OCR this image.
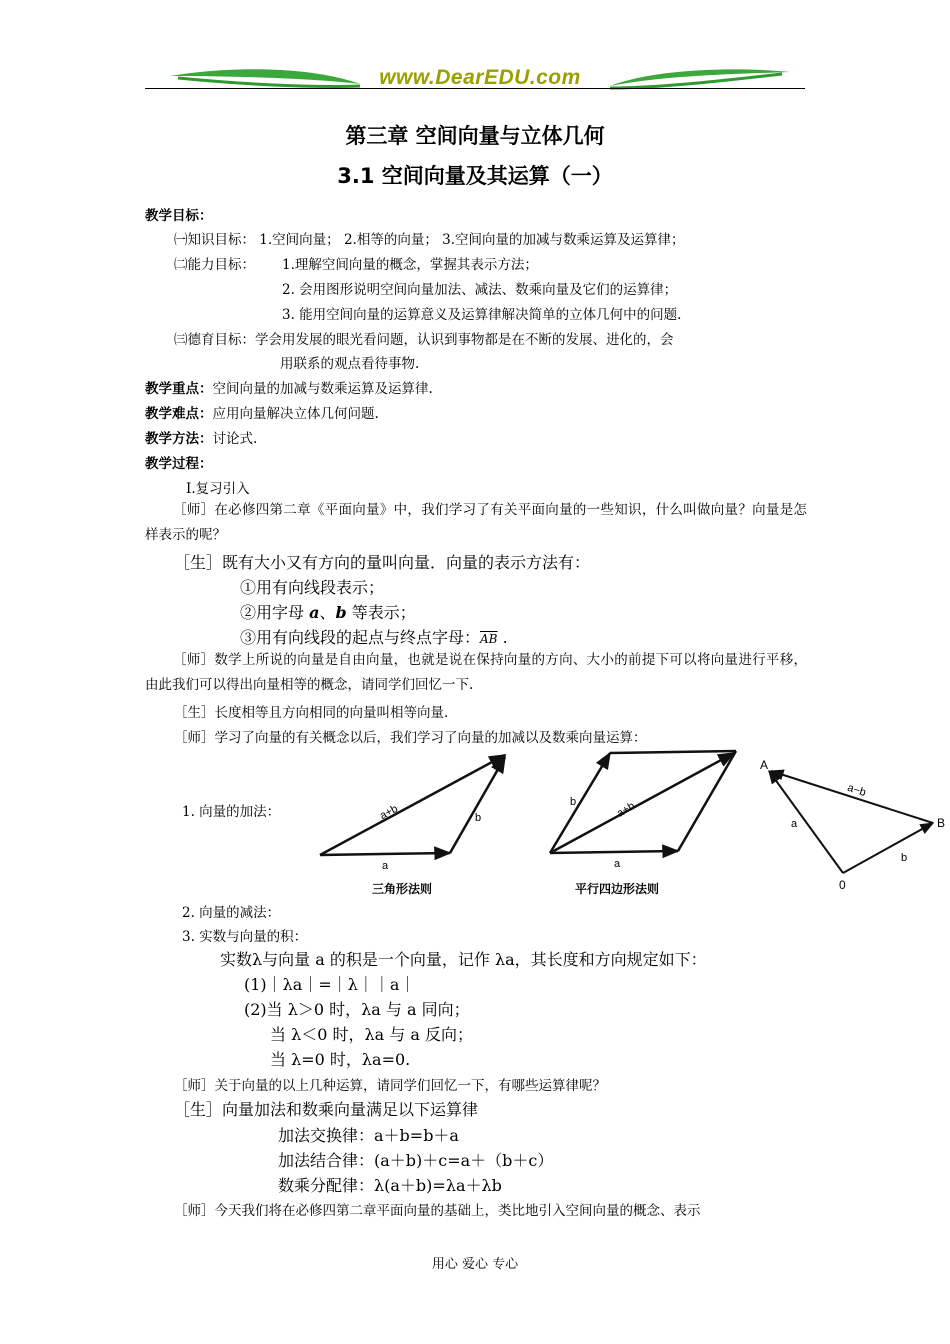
www.DearEDU.com
第三章 空间向量与立体几何
3.1 空间向量及其运算（一）
教学目标：
㈠知识目标： 1.空间向量； 2.相等的向量； 3.空间向量的加减与数乘运算及运算律；
㈡能力目标： 1.理解空间向量的概念，掌握其表示方法；
2. 会用图形说明空间向量加法、减法、数乘向量及它们的运算律；
3. 能用空间向量的运算意义及运算律解决简单的立体几何中的问题.
㈢德育目标：学会用发展的眼光看问题，认识到事物都是在不断的发展、进化的，会
用联系的观点看待事物.
教学重点：空间向量的加减与数乘运算及运算律.
教学难点：应用向量解决立体几何问题.
教学方法：讨论式.
教学过程：
Ⅰ.复习引入
［师］在必修四第二章《平面向量》中，我们学习了有关平面向量的一些知识，什么叫做向量？向量是怎样表示的呢？
［生］既有大小又有方向的量叫向量．向量的表示方法有：
①用有向线段表示；
②用字母 a、b 等表示；
③用有向线段的起点与终点字母：$\overline{AB}$ .
［师］数学上所说的向量是自由向量，也就是说在保持向量的方向、大小的前提下可以将向量进行平移，由此我们可以得出向量相等的概念，请同学们回忆一下.
［生］长度相等且方向相同的向量叫相等向量.
［师］学习了向量的有关概念以后，我们学习了向量的加减以及数乘向量运算：
1. 向量的加法：
a
b
a+b
三角形法则
a
b	a+b
平行四边形法则
A
B
0
a
b
a−b
2. 向量的减法：
3. 实数与向量的积：
实数λ与向量 a 的积是一个向量，记作 λa，其长度和方向规定如下：
(1)｜λa｜=｜λ｜｜a｜
(2)当 λ＞0 时，λa 与 a 同向；
当 λ＜0 时，λa 与 a 反向；
当 λ=0 时，λa=0.
［师］关于向量的以上几种运算，请同学们回忆一下，有哪些运算律呢？
［生］向量加法和数乘向量满足以下运算律
加法交换律：a＋b=b＋a
加法结合律：(a＋b)＋c=a＋（b＋c）
数乘分配律：λ(a＋b)=λa＋λb
［师］今天我们将在必修四第二章平面向量的基础上，类比地引入空间向量的概念、表示
用心 爱心 专心
